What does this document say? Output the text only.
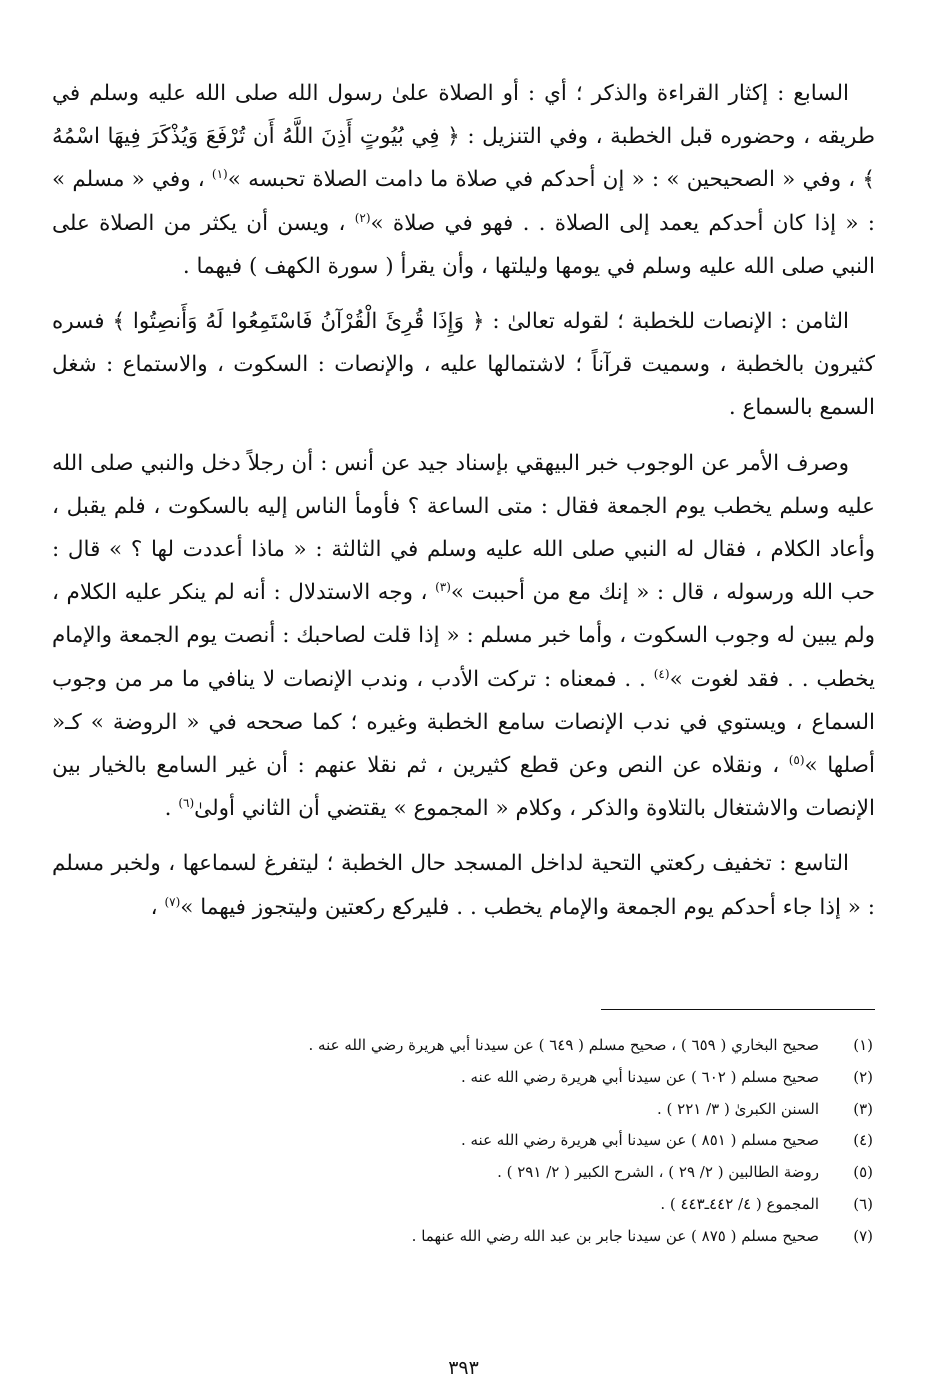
السابع : إكثار القراءة والذكر ؛ أي : أو الصلاة علىٰ رسول الله صلى الله عليه وسلم في طريقه ، وحضوره قبل الخطبة ، وفي التنزيل : ﴿ فِي بُيُوتٍ أَذِنَ اللَّهُ أَن تُرْفَعَ وَيُذْكَرَ فِيهَا اسْمُهُ ﴾ ، وفي « الصحيحين » : « إن أحدكم في صلاة ما دامت الصلاة تحبسه »$^{(١)}$ ، وفي « مسلم » : « إذا كان أحدكم يعمد إلى الصلاة . . فهو في صلاة »$^{(٢)}$ ، ويسن أن يكثر من الصلاة على النبي صلى الله عليه وسلم في يومها وليلتها ، وأن يقرأ ( سورة الكهف ) فيهما .

الثامن : الإنصات للخطبة ؛ لقوله تعالىٰ : ﴿ وَإِذَا قُرِئَ الْقُرْآنُ فَاسْتَمِعُوا لَهُ وَأَنصِتُوا ﴾ فسره كثيرون بالخطبة ، وسميت قرآناً ؛ لاشتمالها عليه ، والإنصات : السكوت ، والاستماع : شغل السمع بالسماع .

وصرف الأمر عن الوجوب خبر البيهقي بإسناد جيد عن أنس : أن رجلاً دخل والنبي صلى الله عليه وسلم يخطب يوم الجمعة فقال : متى الساعة ؟ فأومأ الناس إليه بالسكوت ، فلم يقبل ، وأعاد الكلام ، فقال له النبي صلى الله عليه وسلم في الثالثة : « ماذا أعددت لها ؟ » قال : حب الله ورسوله ، قال : « إنك مع من أحببت »$^{(٣)}$ ، وجه الاستدلال : أنه لم ينكر عليه الكلام ، ولم يبين له وجوب السكوت ، وأما خبر مسلم : « إذا قلت لصاحبك : أنصت يوم الجمعة والإمام يخطب . . فقد لغوت »$^{(٤)}$ . . فمعناه : تركت الأدب ، وندب الإنصات لا ينافي ما مر من وجوب السماع ، ويستوي في ندب الإنصات سامع الخطبة وغيره ؛ كما صححه في « الروضة » كـ« أصلها »$^{(٥)}$ ، ونقلاه عن النص وعن قطع كثيرين ، ثم نقلا عنهم : أن غير السامع بالخيار بين الإنصات والاشتغال بالتلاوة والذكر ، وكلام « المجموع » يقتضي أن الثاني أولىٰ$^{(٦)}$ .

التاسع : تخفيف ركعتي التحية لداخل المسجد حال الخطبة ؛ ليتفرغ لسماعها ، ولخبر مسلم : « إذا جاء أحدكم يوم الجمعة والإمام يخطب . . فليركع ركعتين وليتجوز فيهما »$^{(٧)}$ ،

(١)
صحيح البخاري ( ٦٥٩ ) ، صحيح مسلم ( ٦٤٩ ) عن سيدنا أبي هريرة رضي الله عنه .
(٢)
صحيح مسلم ( ٦٠٢ ) عن سيدنا أبي هريرة رضي الله عنه .
(٣)
السنن الكبرىٰ ( ٣/ ٢٢١ ) .
(٤)
صحيح مسلم ( ٨٥١ ) عن سيدنا أبي هريرة رضي الله عنه .
(٥)
روضة الطالبين ( ٢/ ٢٩ ) ، الشرح الكبير ( ٢/ ٢٩١ ) .
(٦)
المجموع ( ٤/ ٤٤٢ـ٤٤٣ ) .
(٧)
صحيح مسلم ( ٨٧٥ ) عن سيدنا جابر بن عبد الله رضي الله عنهما .
٣٩٣
